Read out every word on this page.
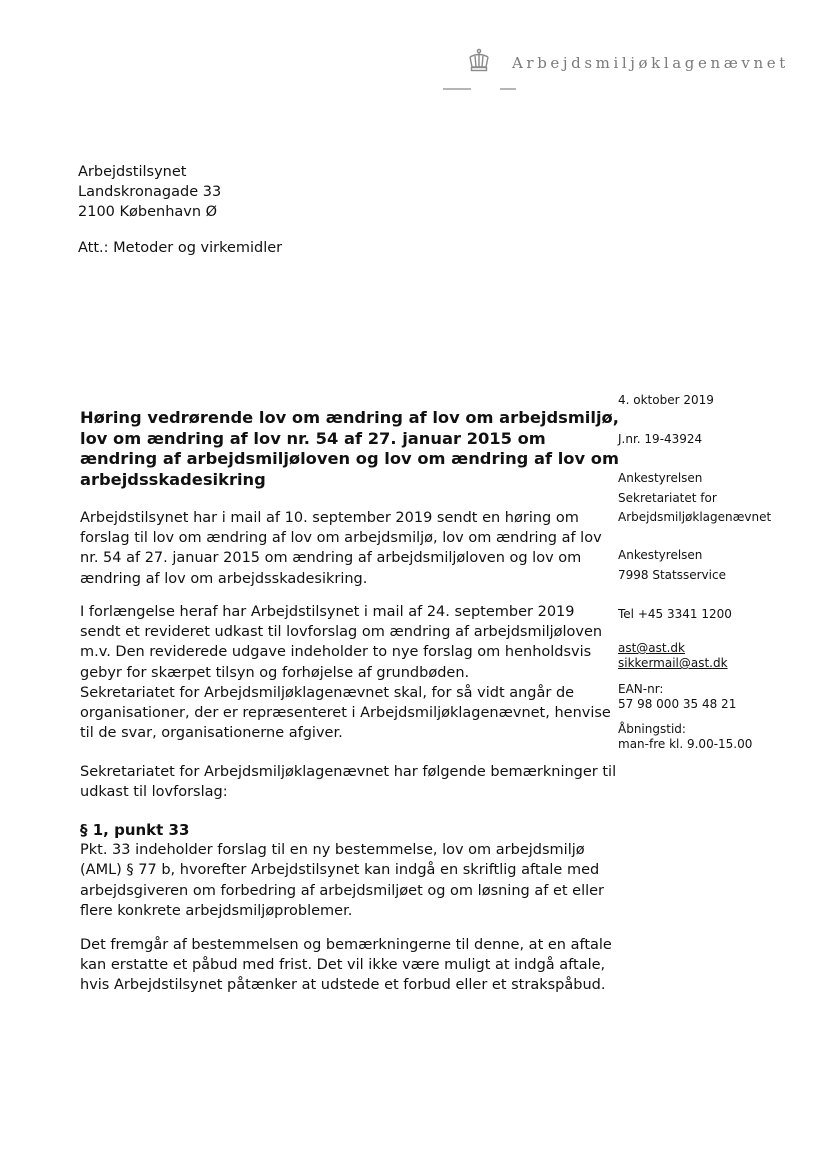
Arbejdsmiljøklagenævnet
Arbejdstilsynet
Landskronagade 33
2100 København Ø
Att.: Metoder og virkemidler
4. oktober 2019
J.nr. 19-43924
Ankestyrelsen
Sekretariatet for
Arbejdsmiljøklagenævnet
Ankestyrelsen
7998 Statsservice
Tel +45 3341 1200
ast@ast.dk
sikkermail@ast.dk
EAN-nr:
57 98 000 35 48 21
Åbningstid:
man-fre kl. 9.00-15.00
Høring vedrørende lov om ændring af lov om arbejdsmiljø,
lov om ændring af lov nr. 54 af 27. januar 2015 om
ændring af arbejdsmiljøloven og lov om ændring af lov om
arbejdsskadesikring
Arbejdstilsynet har i mail af 10. september 2019 sendt en høring om
forslag til lov om ændring af lov om arbejdsmiljø, lov om ændring af lov
nr. 54 af 27. januar 2015 om ændring af arbejdsmiljøloven og lov om
ændring af lov om arbejdsskadesikring.
I forlængelse heraf har Arbejdstilsynet i mail af 24. september 2019
sendt et revideret udkast til lovforslag om ændring af arbejdsmiljøloven
m.v. Den reviderede udgave indeholder to nye forslag om henholdsvis
gebyr for skærpet tilsyn og forhøjelse af grundbøden.
Sekretariatet for Arbejdsmiljøklagenævnet skal, for så vidt angår de
organisationer, der er repræsenteret i Arbejdsmiljøklagenævnet, henvise
til de svar, organisationerne afgiver.
Sekretariatet for Arbejdsmiljøklagenævnet har følgende bemærkninger til
udkast til lovforslag:
§ 1, punkt 33
Pkt. 33 indeholder forslag til en ny bestemmelse, lov om arbejdsmiljø
(AML) § 77 b, hvorefter Arbejdstilsynet kan indgå en skriftlig aftale med
arbejdsgiveren om forbedring af arbejdsmiljøet og om løsning af et eller
flere konkrete arbejdsmiljøproblemer.
Det fremgår af bestemmelsen og bemærkningerne til denne, at en aftale
kan erstatte et påbud med frist. Det vil ikke være muligt at indgå aftale,
hvis Arbejdstilsynet påtænker at udstede et forbud eller et strakspåbud.
